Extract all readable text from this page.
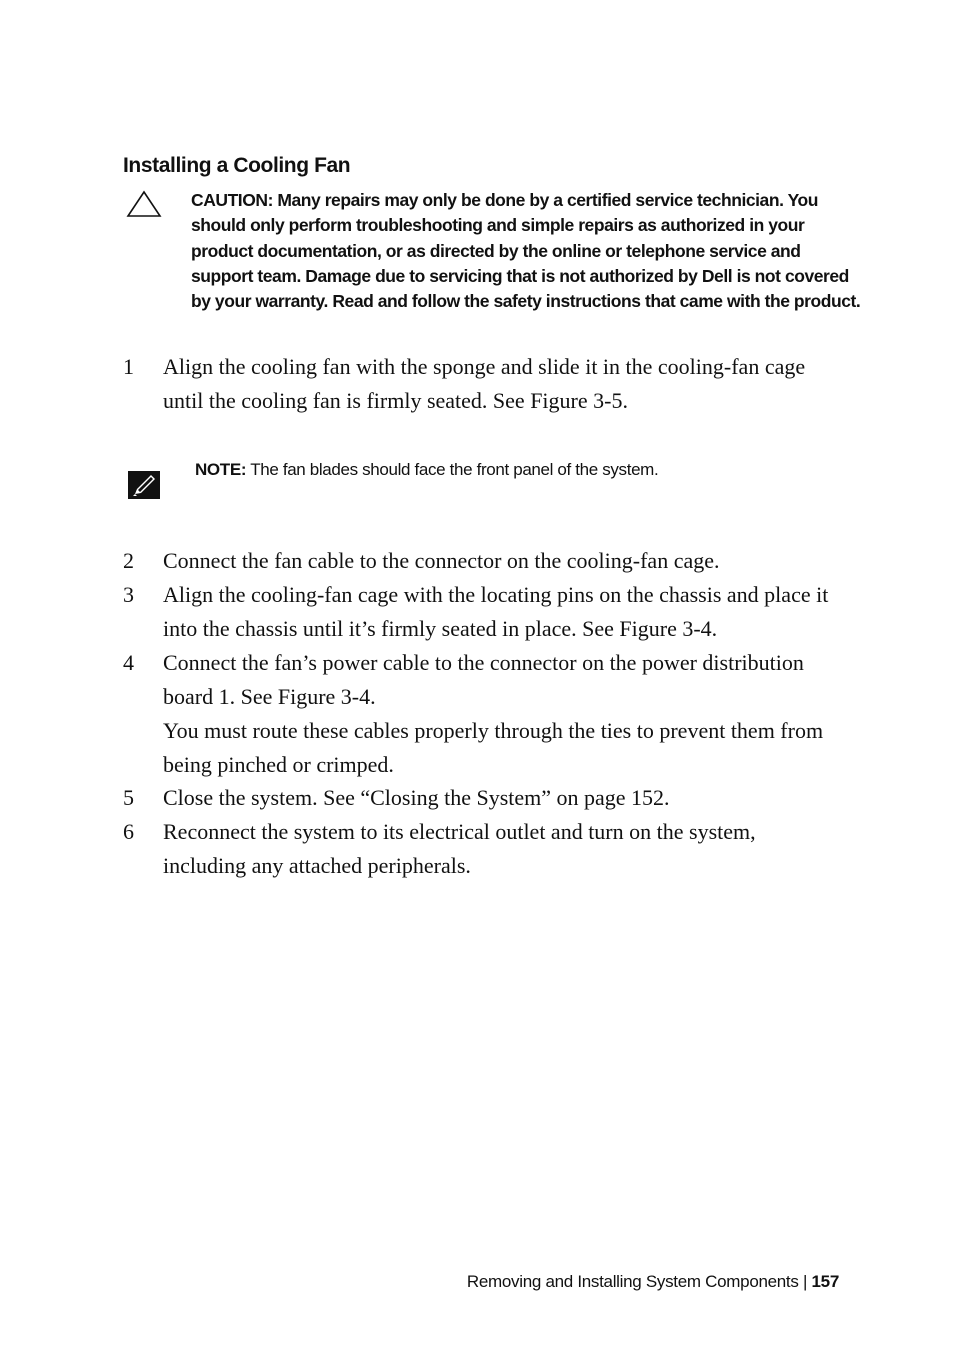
Installing a Cooling Fan
CAUTION: Many repairs may only be done by a certified service technician. You should only perform troubleshooting and simple repairs as authorized in your product documentation, or as directed by the online or telephone service and support team. Damage due to servicing that is not authorized by Dell is not covered by your warranty. Read and follow the safety instructions that came with the product.
1 Align the cooling fan with the sponge and slide it in the cooling-fan cage until the cooling fan is firmly seated. See Figure 3-5.
NOTE: The fan blades should face the front panel of the system.
2 Connect the fan cable to the connector on the cooling-fan cage.
3 Align the cooling-fan cage with the locating pins on the chassis and place it into the chassis until it’s firmly seated in place. See Figure 3-4.
4 Connect the fan’s power cable to the connector on the power distribution board 1. See Figure 3-4.
You must route these cables properly through the ties to prevent them from being pinched or crimped.
5 Close the system. See “Closing the System” on page 152.
6 Reconnect the system to its electrical outlet and turn on the system, including any attached peripherals.
Removing and Installing System Components | 157
